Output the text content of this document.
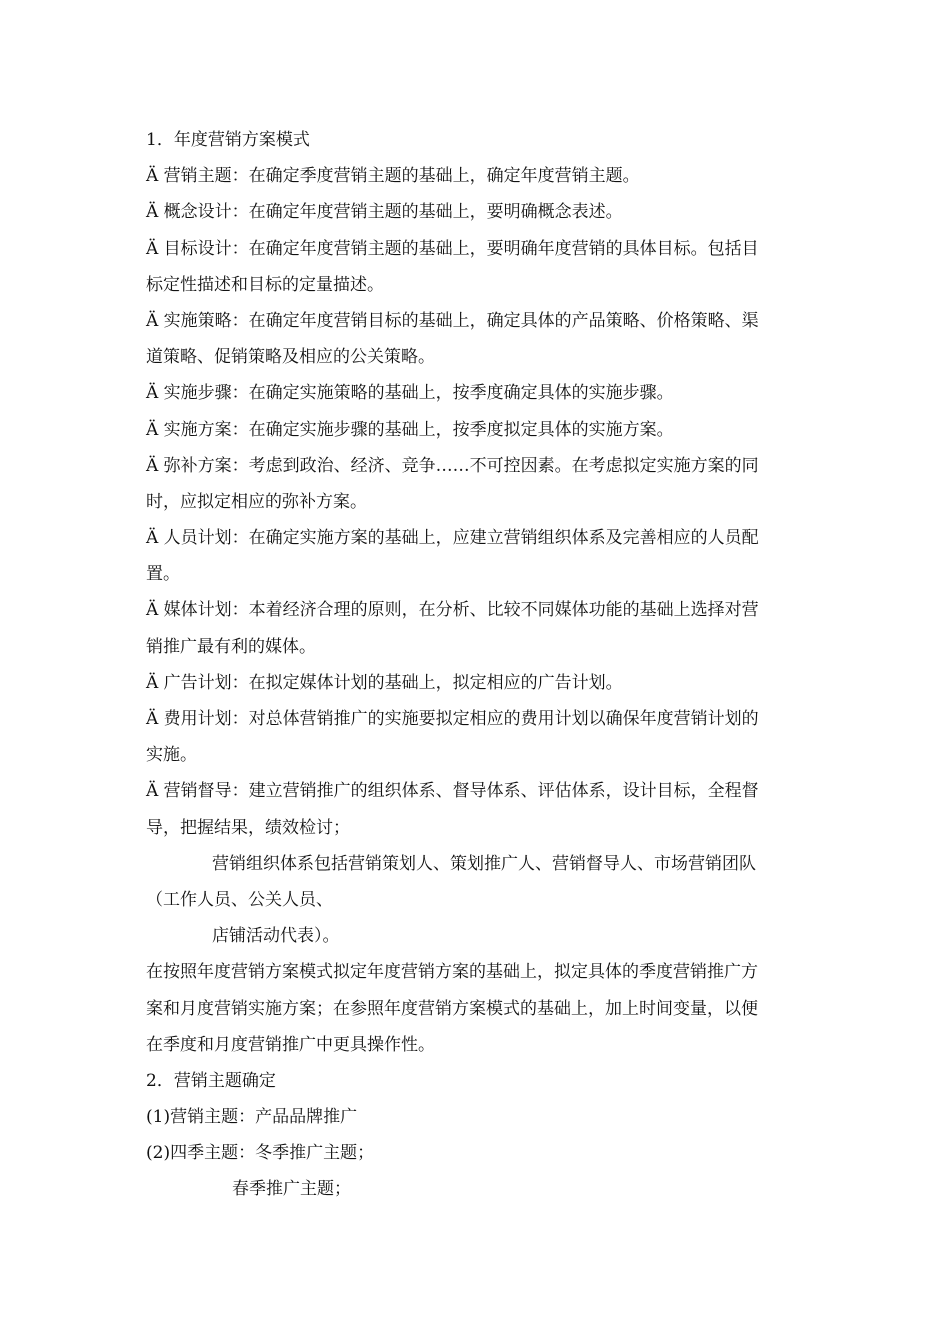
1．年度营销方案模式
Ä 营销主题：在确定季度营销主题的基础上，确定年度营销主题。
Ä 概念设计：在确定年度营销主题的基础上，要明确概念表述。
Ä 目标设计：在确定年度营销主题的基础上，要明确年度营销的具体目标。包括目
标定性描述和目标的定量描述。
Ä 实施策略：在确定年度营销目标的基础上，确定具体的产品策略、价格策略、渠
道策略、促销策略及相应的公关策略。
Ä 实施步骤：在确定实施策略的基础上，按季度确定具体的实施步骤。
Ä 实施方案：在确定实施步骤的基础上，按季度拟定具体的实施方案。
Ä 弥补方案：考虑到政治、经济、竞争……不可控因素。在考虑拟定实施方案的同
时，应拟定相应的弥补方案。
Ä 人员计划：在确定实施方案的基础上，应建立营销组织体系及完善相应的人员配
置。
Ä 媒体计划：本着经济合理的原则，在分析、比较不同媒体功能的基础上选择对营
销推广最有利的媒体。
Ä 广告计划：在拟定媒体计划的基础上，拟定相应的广告计划。
Ä 费用计划：对总体营销推广的实施要拟定相应的费用计划以确保年度营销计划的
实施。
Ä 营销督导：建立营销推广的组织体系、督导体系、评估体系，设计目标，全程督
导，把握结果，绩效检讨；
营销组织体系包括营销策划人、策划推广人、营销督导人、市场营销团队
（工作人员、公关人员、
店铺活动代表）。
在按照年度营销方案模式拟定年度营销方案的基础上，拟定具体的季度营销推广方
案和月度营销实施方案；在参照年度营销方案模式的基础上，加上时间变量，以便
在季度和月度营销推广中更具操作性。
2．营销主题确定
(1)营销主题：产品品牌推广
(2)四季主题：冬季推广主题；
春季推广主题；
